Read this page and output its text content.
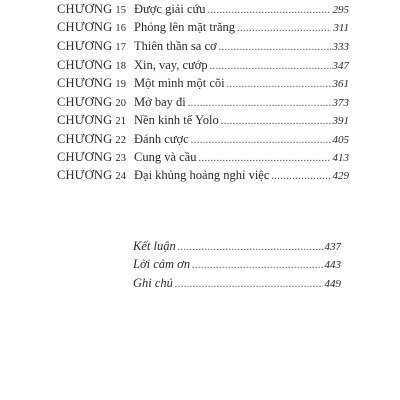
CHƯƠNG 15 Được giải cứu .....	295
CHƯƠNG 16 Phóng lên mặt trăng .....	311
CHƯƠNG 17 Thiên thần sa cơ .....	333
CHƯƠNG 18 Xin, vay, cướp .....	347
CHƯƠNG 19 Một mình một cõi .....	361
CHƯƠNG 20 Mở bay đi .....	373
CHƯƠNG 21 Nền kinh tế Yolo .....	391
CHƯƠNG 22 Đánh cược .....	405
CHƯƠNG 23 Cung và cầu .....	413
CHƯƠNG 24 Đại khủng hoảng nghỉ việc .....	429
Kết luận .....	437
Lời cảm ơn .....	443
Ghi chú .....	449
